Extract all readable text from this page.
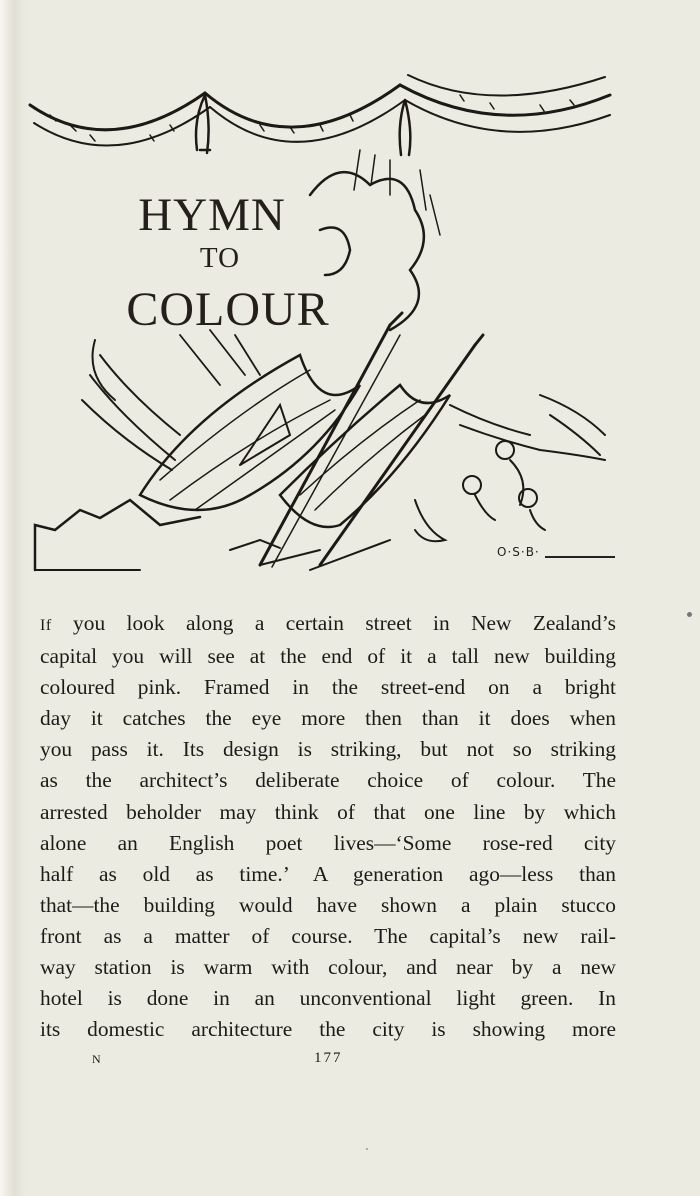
HYMN
TO
COLOUR
O·S·B·
If you look along a certain street in New Zealand’s
capital you will see at the end of it a tall new building
coloured pink. Framed in the street-end on a bright
day it catches the eye more then than it does when
you pass it. Its design is striking, but not so striking
as the architect’s deliberate choice of colour. The
arrested beholder may think of that one line by which
alone an English poet lives—‘Some rose-red city
half as old as time.’ A generation ago—less than
that—the building would have shown a plain stucco
front as a matter of course. The capital’s new rail-
way station is warm with colour, and near by a new
hotel is done in an unconventional light green. In
its domestic architecture the city is showing more
N	177
